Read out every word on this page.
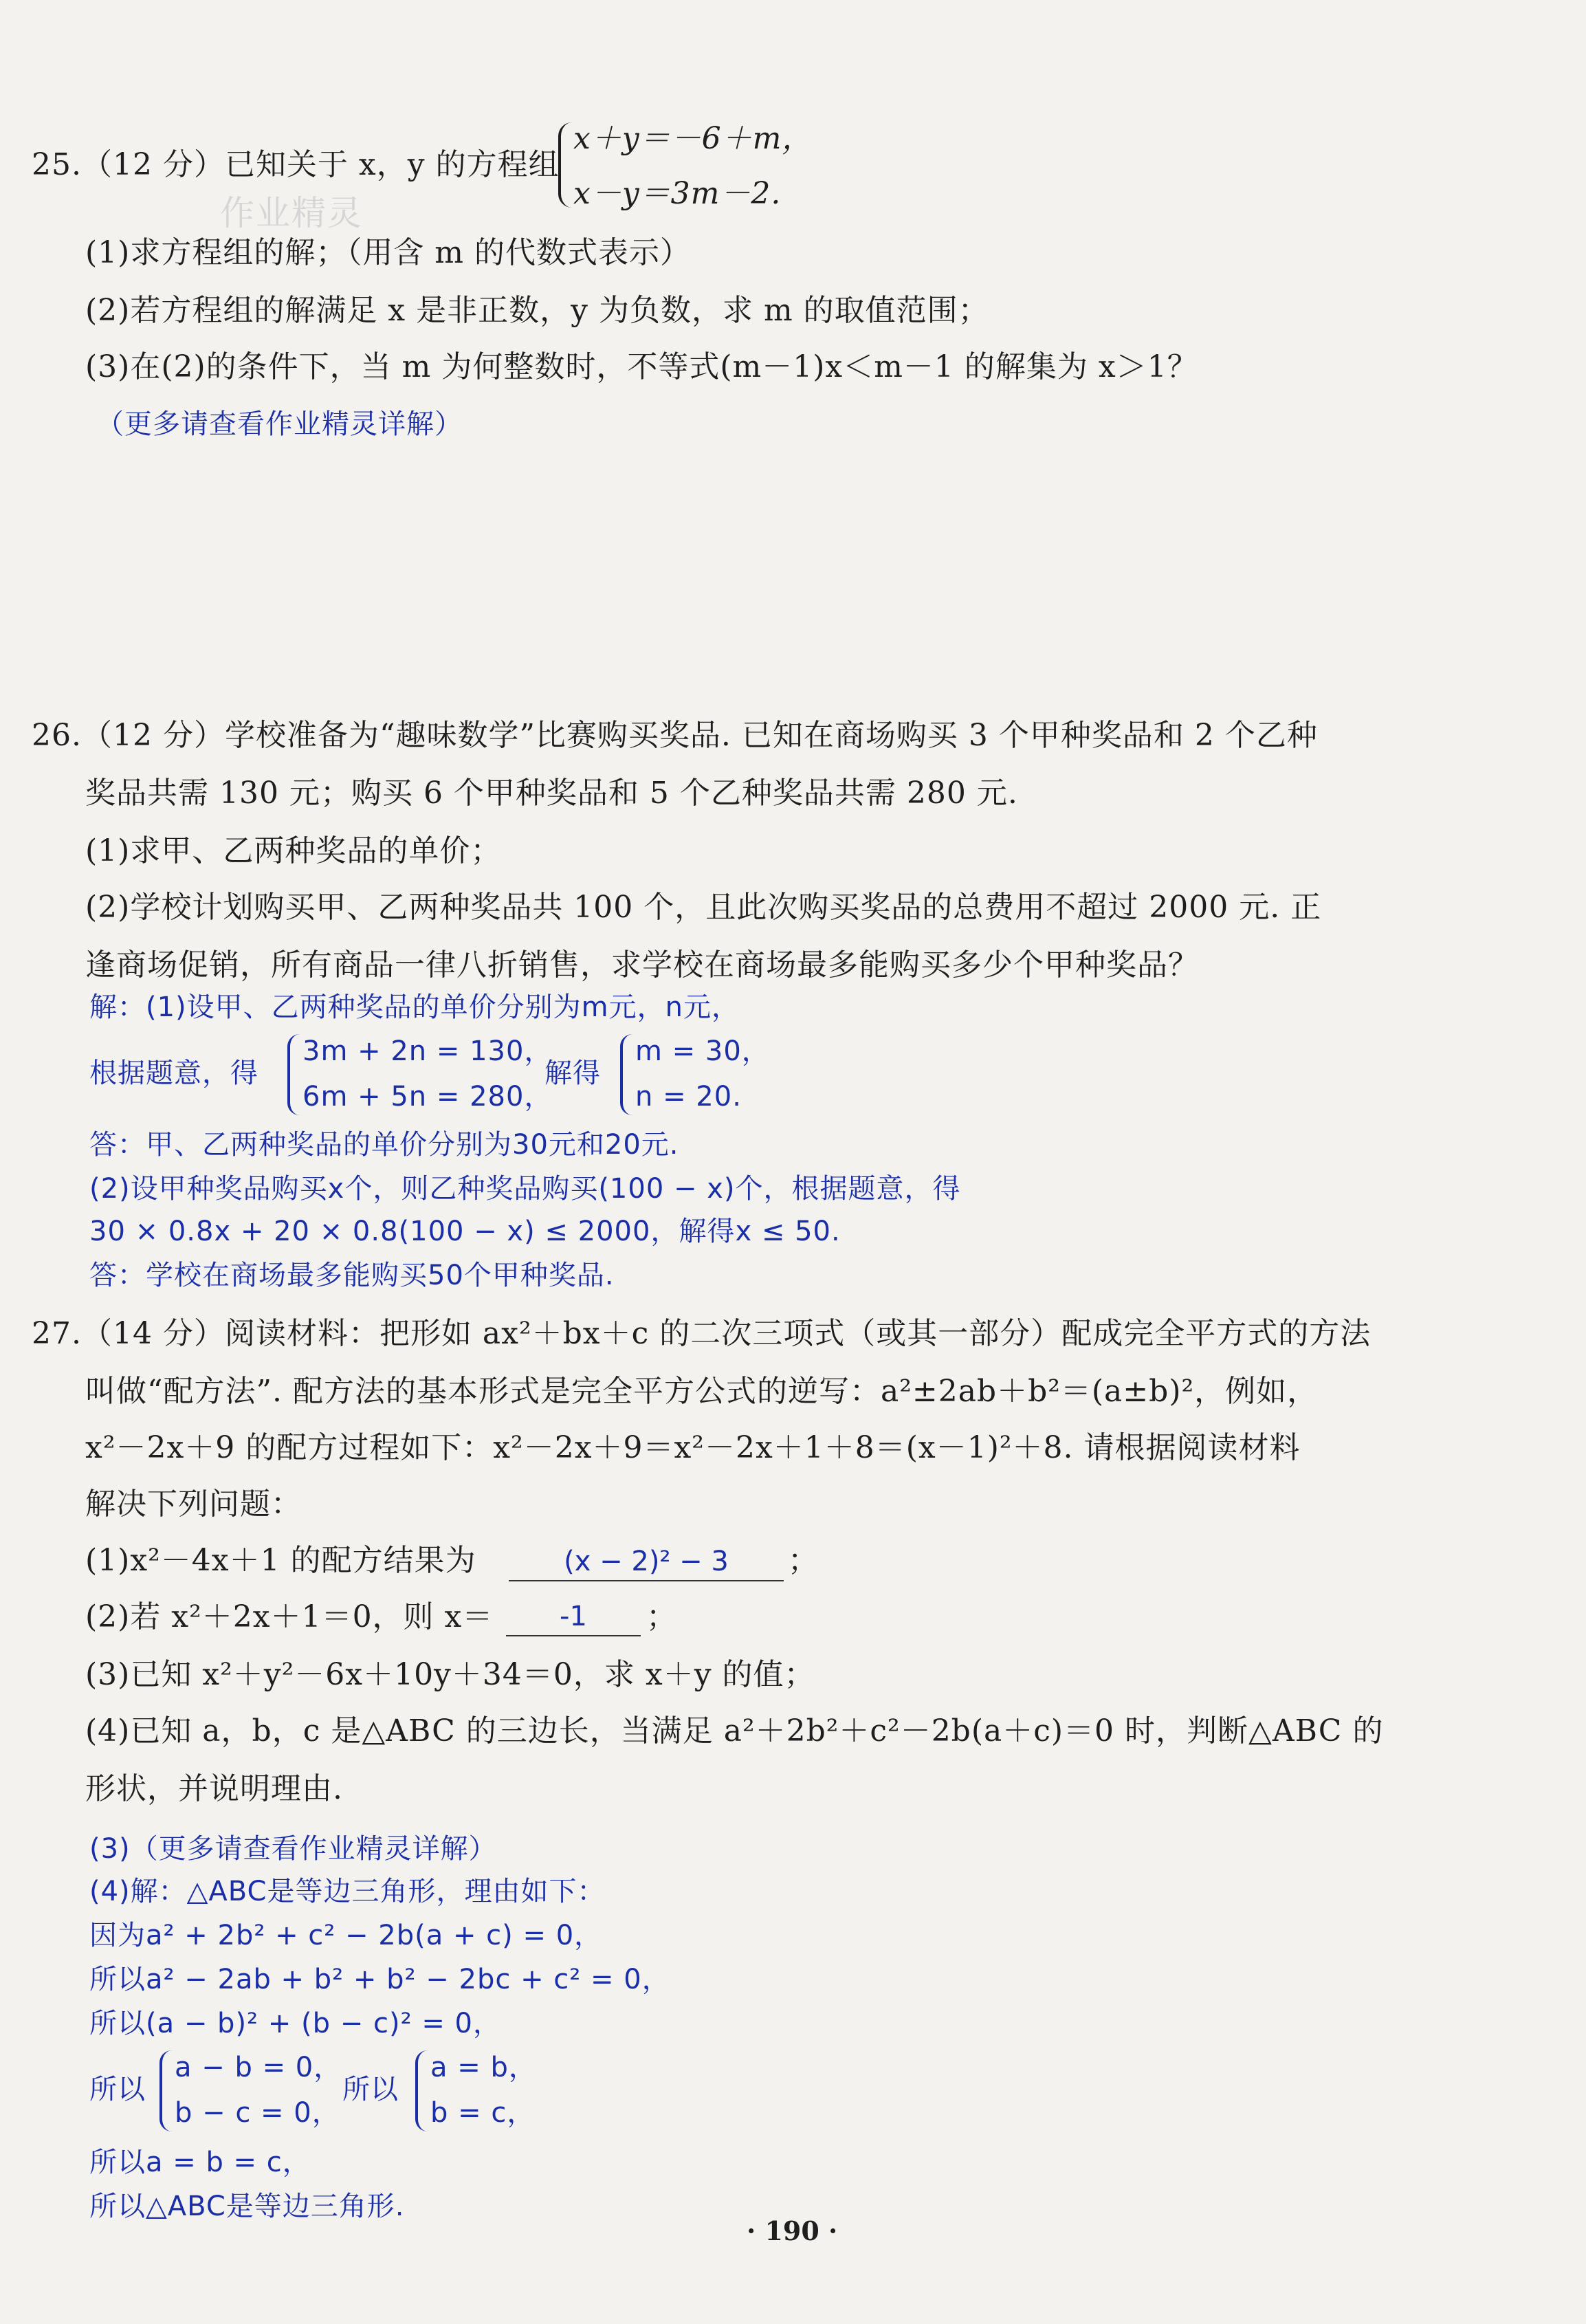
作业精灵
25.（12 分）已知关于 x，y 的方程组
x＋y＝－6＋m，
x－y＝3m－2.
(1)求方程组的解；（用含 m 的代数式表示）
(2)若方程组的解满足 x 是非正数，y 为负数，求 m 的取值范围；
(3)在(2)的条件下，当 m 为何整数时，不等式(m－1)x＜m－1 的解集为 x＞1？
（更多请查看作业精灵详解）
26.（12 分）学校准备为“趣味数学”比赛购买奖品. 已知在商场购买 3 个甲种奖品和 2 个乙种
奖品共需 130 元；购买 6 个甲种奖品和 5 个乙种奖品共需 280 元.
(1)求甲、乙两种奖品的单价；
(2)学校计划购买甲、乙两种奖品共 100 个，且此次购买奖品的总费用不超过 2000 元. 正
逢商场促销，所有商品一律八折销售，求学校在商场最多能购买多少个甲种奖品？
解：(1)设甲、乙两种奖品的单价分别为m元，n元，
根据题意，得
3m + 2n = 130，
6m + 5n = 280，
解得
m = 30，
n = 20.
答：甲、乙两种奖品的单价分别为30元和20元.
(2)设甲种奖品购买x个，则乙种奖品购买(100 − x)个，根据题意，得
30 × 0.8x + 20 × 0.8(100 − x) ≤ 2000，解得x ≤ 50.
答：学校在商场最多能购买50个甲种奖品.
27.（14 分）阅读材料：把形如 ax²＋bx＋c 的二次三项式（或其一部分）配成完全平方式的方法
叫做“配方法”. 配方法的基本形式是完全平方公式的逆写：a²±2ab＋b²＝(a±b)²，例如，
x²－2x＋9 的配方过程如下：x²－2x＋9＝x²－2x＋1＋8＝(x－1)²＋8. 请根据阅读材料
解决下列问题：
(1)x²－4x＋1 的配方结果为	(x − 2)² − 3	；
(2)若 x²＋2x＋1＝0，则 x＝	-1	；
(3)已知 x²＋y²－6x＋10y＋34＝0，求 x＋y 的值；
(4)已知 a，b，c 是△ABC 的三边长，当满足 a²＋2b²＋c²－2b(a＋c)＝0 时，判断△ABC 的
形状，并说明理由.
(3)（更多请查看作业精灵详解）
(4)解：△ABC是等边三角形，理由如下：
因为a² + 2b² + c² − 2b(a + c) = 0，
所以a² − 2ab + b² + b² − 2bc + c² = 0，
所以(a − b)² + (b − c)² = 0，
所以
a − b = 0，
b − c = 0，
所以
a = b，
b = c，
所以a = b = c，
所以△ABC是等边三角形.
· 190 ·
